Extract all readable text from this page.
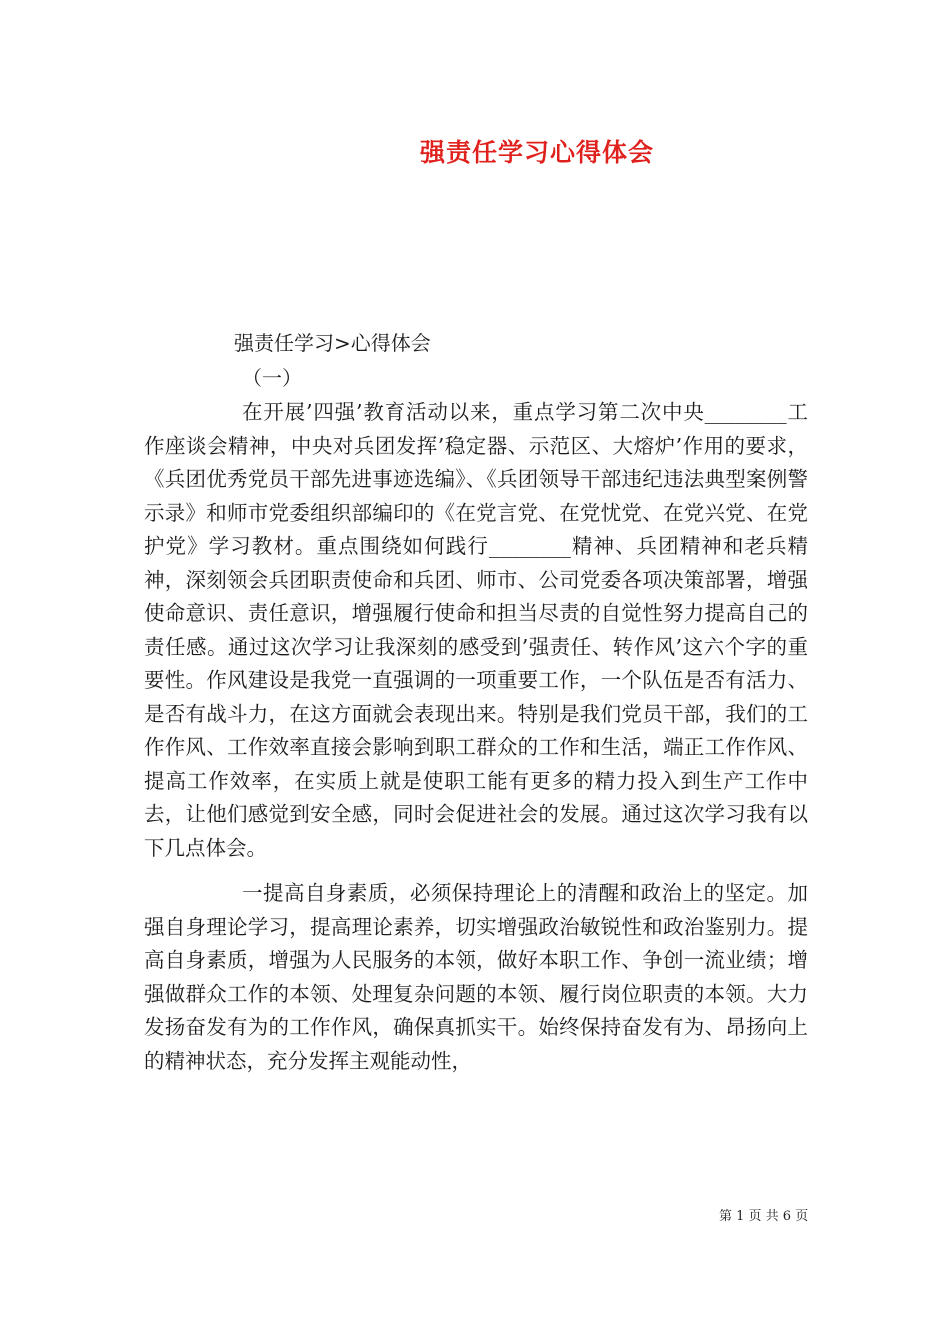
强责任学习心得体会
强责任学习>心得体会
（一）

在开展’四强’教育活动以来，重点学习第二次中央________工作座谈会精神，中央对兵团发挥’稳定器、示范区、大熔炉’作用的要求，《兵团优秀党员干部先进事迹选编》、《兵团领导干部违纪违法典型案例警示录》和师市党委组织部编印的《在党言党、在党忧党、在党兴党、在党护党》学习教材。重点围绕如何践行________精神、兵团精神和老兵精神，深刻领会兵团职责使命和兵团、师市、公司党委各项决策部署，增强使命意识、责任意识，增强履行使命和担当尽责的自觉性努力提高自己的责任感。通过这次学习让我深刻的感受到’强责任、转作风’这六个字的重要性。作风建设是我党一直强调的一项重要工作，一个队伍是否有活力、是否有战斗力，在这方面就会表现出来。特别是我们党员干部，我们的工作作风、工作效率直接会影响到职工群众的工作和生活，端正工作作风、提高工作效率，在实质上就是使职工能有更多的精力投入到生产工作中去，让他们感觉到安全感，同时会促进社会的发展。通过这次学习我有以下几点体会。

一提高自身素质，必须保持理论上的清醒和政治上的坚定。加强自身理论学习，提高理论素养，切实增强政治敏锐性和政治鉴别力。提高自身素质，增强为人民服务的本领，做好本职工作、争创一流业绩；增强做群众工作的本领、处理复杂问题的本领、履行岗位职责的本领。大力发扬奋发有为的工作作风，确保真抓实干。始终保持奋发有为、昂扬向上的精神状态，充分发挥主观能动性，

第 1 页 共 6 页
